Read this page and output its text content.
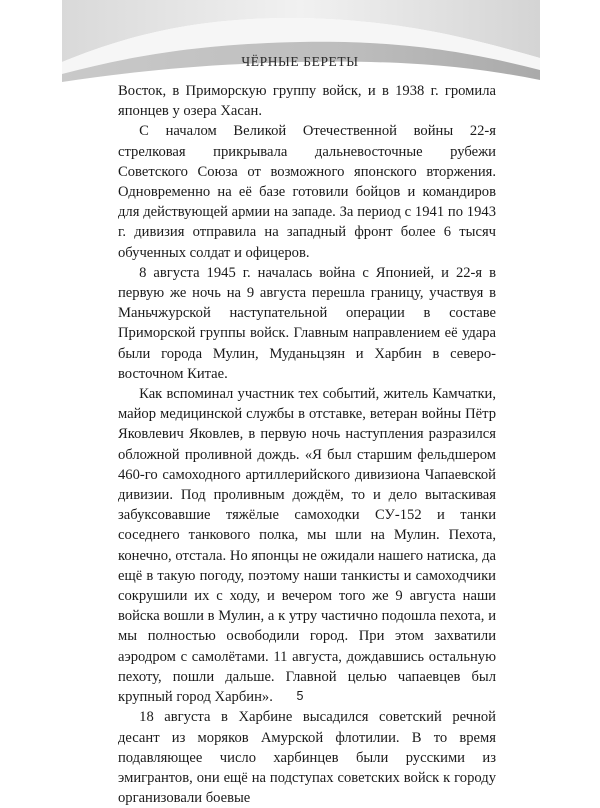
ЧЁРНЫЕ БЕРЕТЫ

Восток, в Приморскую группу войск, и в 1938 г. громила японцев у озера Хасан.

С началом Великой Отечественной войны 22-я стрелковая прикрывала дальневосточные рубежи Советского Союза от возможного японского вторжения. Одновременно на её базе готовили бойцов и командиров для действующей армии на западе. За период с 1941 по 1943 г. дивизия отправила на западный фронт более 6 тысяч обученных солдат и офицеров.

8 августа 1945 г. началась война с Японией, и 22-я в первую же ночь на 9 августа перешла границу, участвуя в Маньчжурской наступательной операции в составе Приморской группы войск. Главным направлением её удара были города Мулин, Муданьцзян и Харбин в северо-восточном Китае.

Как вспоминал участник тех событий, житель Камчатки, майор медицинской службы в отставке, ветеран войны Пётр Яковлевич Яковлев, в первую ночь наступления разразился обложной проливной дождь. «Я был старшим фельдшером 460-го самоходного артиллерийского дивизиона Чапаевской дивизии. Под проливным дождём, то и дело вытаскивая забуксовавшие тяжёлые самоходки СУ-152 и танки соседнего танкового полка, мы шли на Мулин. Пехота, конечно, отстала. Но японцы не ожидали нашего натиска, да ещё в такую погоду, поэтому наши танкисты и самоходчики сокрушили их с ходу, и вечером того же 9 августа наши войска вошли в Мулин, а к утру частично подошла пехота, и мы полностью освободили город. При этом захватили аэродром с самолётами. 11 августа, дождавшись остальную пехоту, пошли дальше. Главной целью чапаевцев был крупный город Харбин».

18 августа в Харбине высадился советский речной десант из моряков Амурской флотилии. В то время подавляющее число харбинцев были русскими из эмигрантов, они ещё на подступах советских войск к городу организовали боевые

5
